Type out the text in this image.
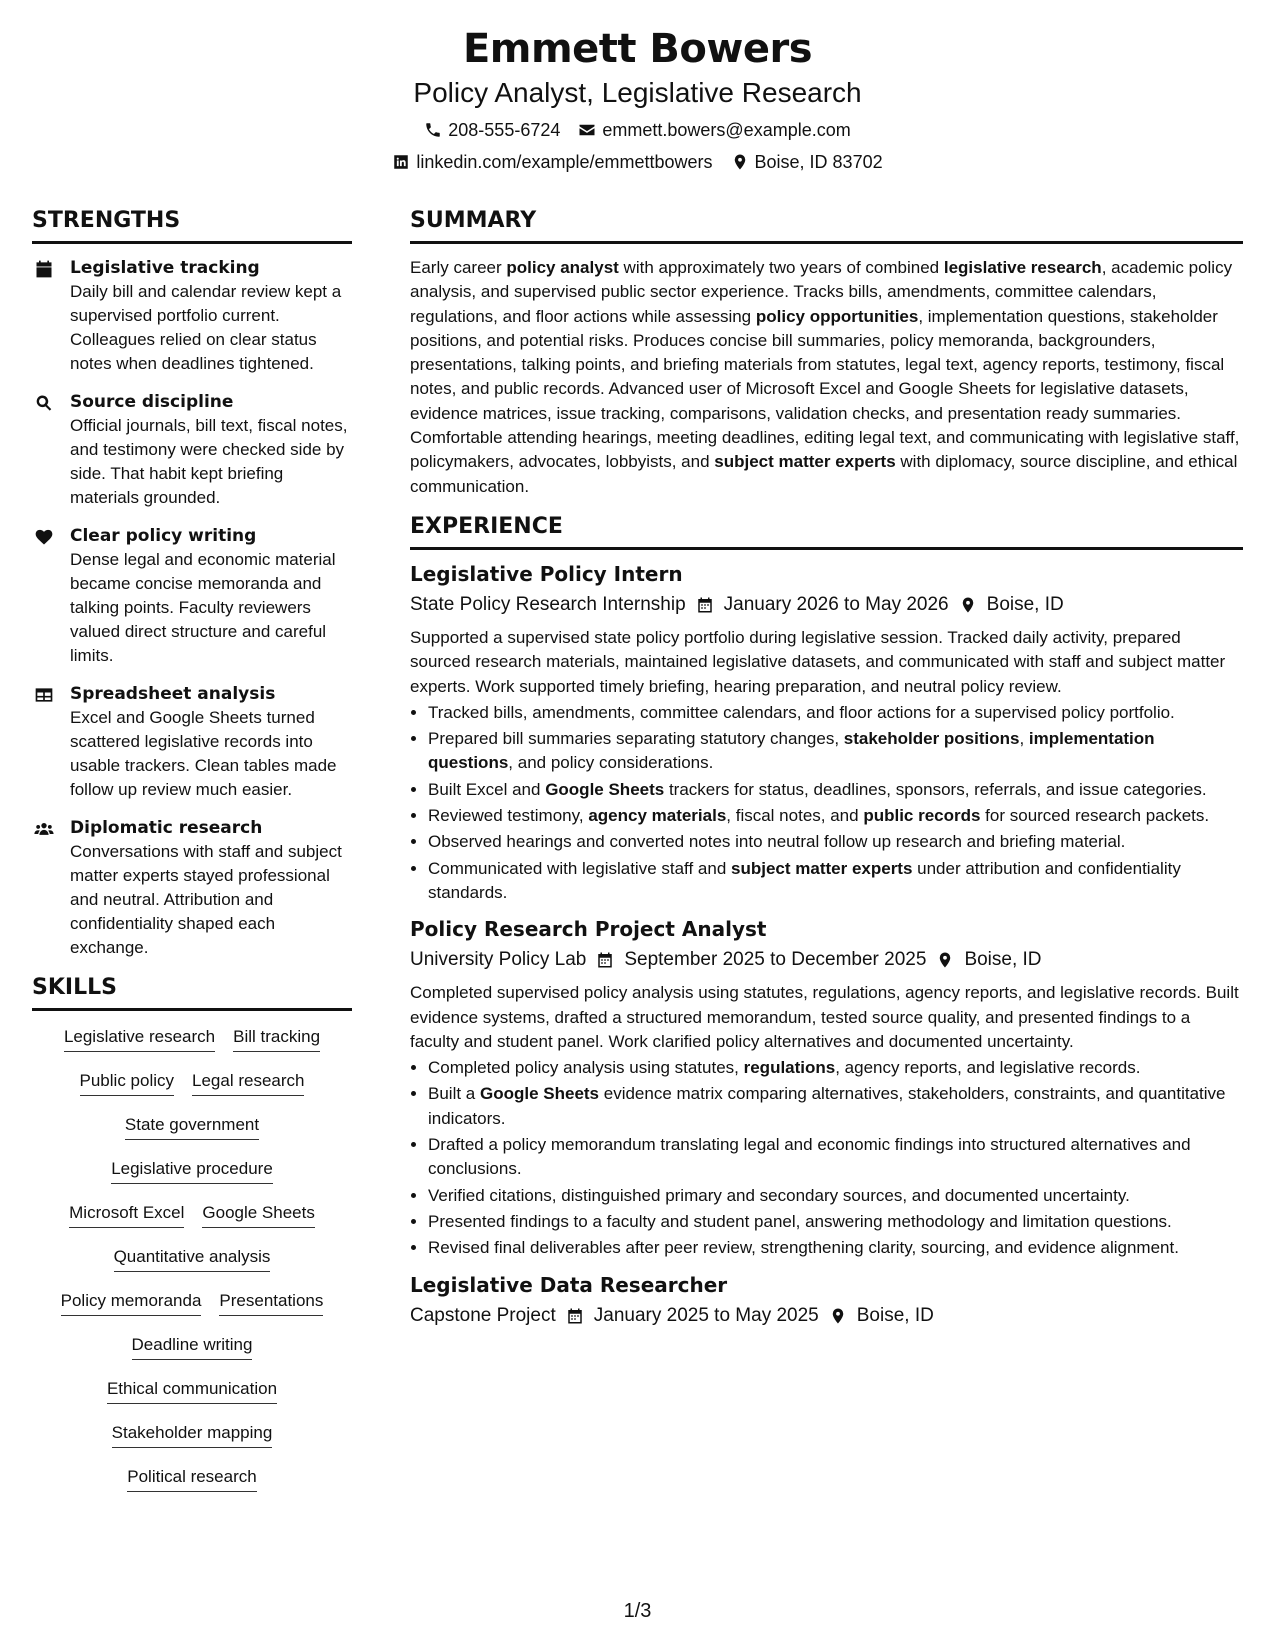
Emmett Bowers
Policy Analyst, Legislative Research
208-555-6724 emmett.bowers@example.com
linkedin.com/example/emmettbowers Boise, ID 83702
STRENGTHS
Legislative tracking
Daily bill and calendar review kept a supervised portfolio current. Colleagues relied on clear status notes when deadlines tightened.
Source discipline
Official journals, bill text, fiscal notes, and testimony were checked side by side. That habit kept briefing materials grounded.
Clear policy writing
Dense legal and economic material became concise memoranda and talking points. Faculty reviewers valued direct structure and careful limits.
Spreadsheet analysis
Excel and Google Sheets turned scattered legislative records into usable trackers. Clean tables made follow up review much easier.
Diplomatic research
Conversations with staff and subject matter experts stayed professional and neutral. Attribution and confidentiality shaped each exchange.
SKILLS
Legislative research Bill tracking
Public policy Legal research
State government
Legislative procedure
Microsoft Excel Google Sheets
Quantitative analysis
Policy memoranda Presentations
Deadline writing
Ethical communication
Stakeholder mapping
Political research
SUMMARY

Early career policy analyst with approximately two years of combined legislative research, academic policy analysis, and supervised public sector experience. Tracks bills, amendments, committee calendars, regulations, and floor actions while assessing policy opportunities, implementation questions, stakeholder positions, and potential risks. Produces concise bill summaries, policy memoranda, backgrounders, presentations, talking points, and briefing materials from statutes, legal text, agency reports, testimony, fiscal notes, and public records. Advanced user of Microsoft Excel and Google Sheets for legislative datasets, evidence matrices, issue tracking, comparisons, validation checks, and presentation ready summaries. Comfortable attending hearings, meeting deadlines, editing legal text, and communicating with legislative staff, policymakers, advocates, lobbyists, and subject matter experts with diplomacy, source discipline, and ethical communication.

EXPERIENCE
Legislative Policy Intern
State Policy Research Internship January 2026 to May 2026 Boise, ID
Supported a supervised state policy portfolio during legislative session. Tracked daily activity, prepared sourced research materials, maintained legislative datasets, and communicated with staff and subject matter experts. Work supported timely briefing, hearing preparation, and neutral policy review.
• Tracked bills, amendments, committee calendars, and floor actions for a supervised policy portfolio.
• Prepared bill summaries separating statutory changes, stakeholder positions, implementation questions, and policy considerations.
• Built Excel and Google Sheets trackers for status, deadlines, sponsors, referrals, and issue categories.
• Reviewed testimony, agency materials, fiscal notes, and public records for sourced research packets.
• Observed hearings and converted notes into neutral follow up research and briefing material.
• Communicated with legislative staff and subject matter experts under attribution and confidentiality standards.
Policy Research Project Analyst
University Policy Lab September 2025 to December 2025 Boise, ID
Completed supervised policy analysis using statutes, regulations, agency reports, and legislative records. Built evidence systems, drafted a structured memorandum, tested source quality, and presented findings to a faculty and student panel. Work clarified policy alternatives and documented uncertainty.
• Completed policy analysis using statutes, regulations, agency reports, and legislative records.
• Built a Google Sheets evidence matrix comparing alternatives, stakeholders, constraints, and quantitative indicators.
• Drafted a policy memorandum translating legal and economic findings into structured alternatives and conclusions.
• Verified citations, distinguished primary and secondary sources, and documented uncertainty.
• Presented findings to a faculty and student panel, answering methodology and limitation questions.
• Revised final deliverables after peer review, strengthening clarity, sourcing, and evidence alignment.
Legislative Data Researcher
Capstone Project January 2025 to May 2025 Boise, ID
1/3
